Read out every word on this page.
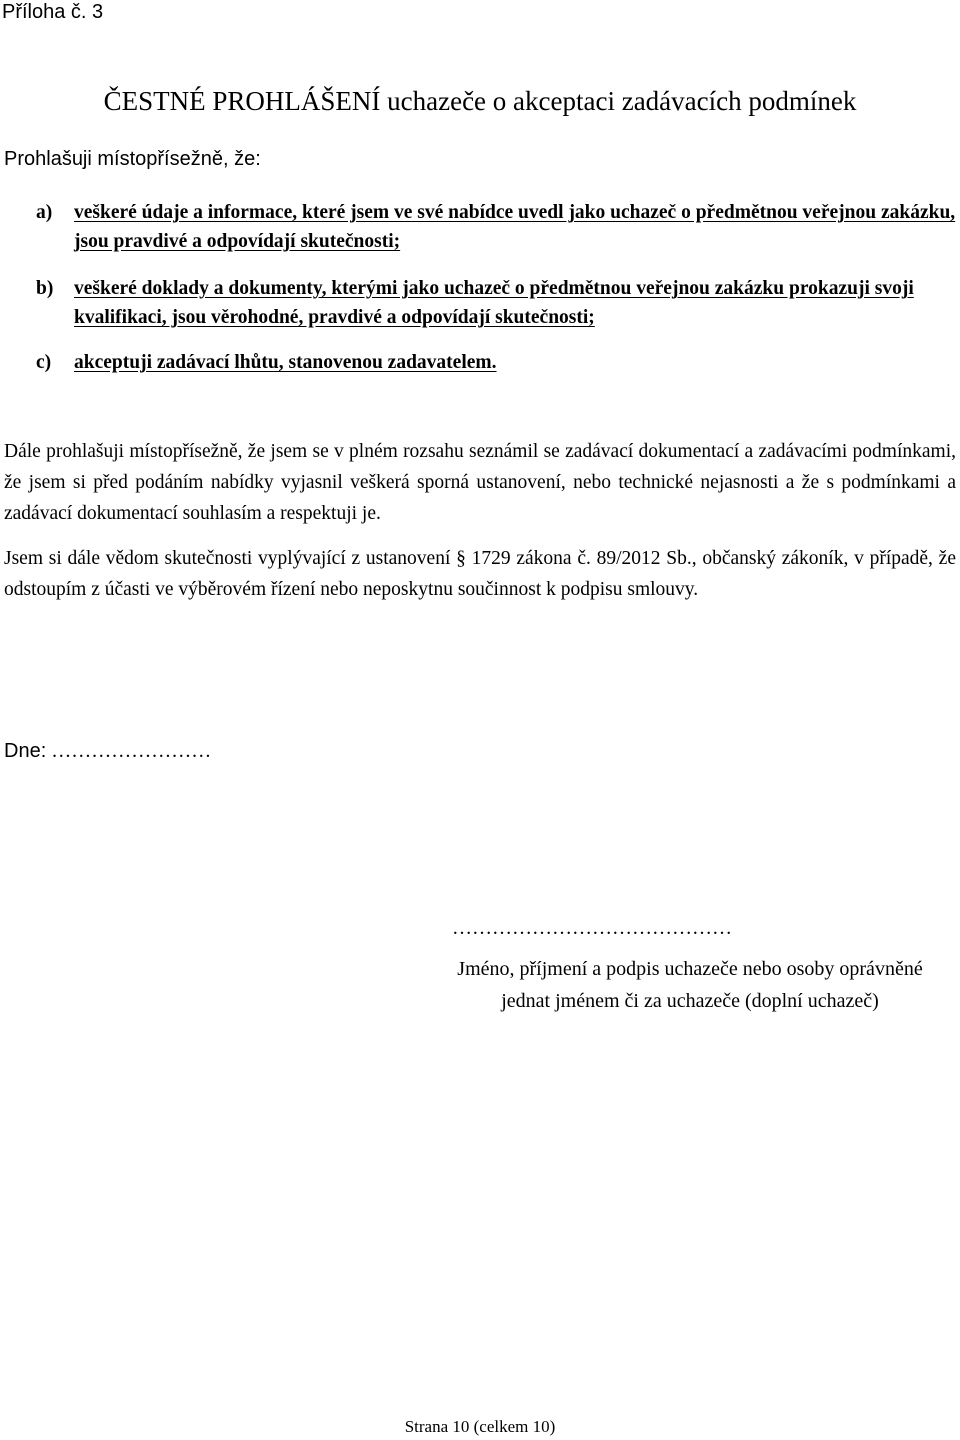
Příloha č. 3
ČESTNÉ PROHLÁŠENÍ uchazeče o akceptaci zadávacích podmínek
Prohlašuji místopřísežně, že:
a) veškeré údaje a informace, které jsem ve své nabídce uvedl jako uchazeč o předmětnou veřejnou zakázku, jsou pravdivé a odpovídají skutečnosti;
b) veškeré doklady a dokumenty, kterými jako uchazeč o předmětnou veřejnou zakázku prokazuji svoji kvalifikaci, jsou věrohodné, pravdivé a odpovídají skutečnosti;
c) akceptuji zadávací lhůtu, stanovenou zadavatelem.

Dále prohlašuji místopřísežně, že jsem se v plném rozsahu seznámil se zadávací dokumentací a zadávacími podmínkami, že jsem si před podáním nabídky vyjasnil veškerá sporná ustanovení, nebo technické nejasnosti a že s podmínkami a zadávací dokumentací souhlasím a respektuji je.

Jsem si dále vědom skutečnosti vyplývající z ustanovení § 1729 zákona č. 89/2012 Sb., občanský zákoník, v případě, že odstoupím z účasti ve výběrovém řízení nebo neposkytnu součinnost k podpisu smlouvy.

Dne: ……………………
……………………………………
Jméno, příjmení a podpis uchazeče nebo osoby oprávněné jednat jménem či za uchazeče (doplní uchazeč)
Strana 10 (celkem 10)
